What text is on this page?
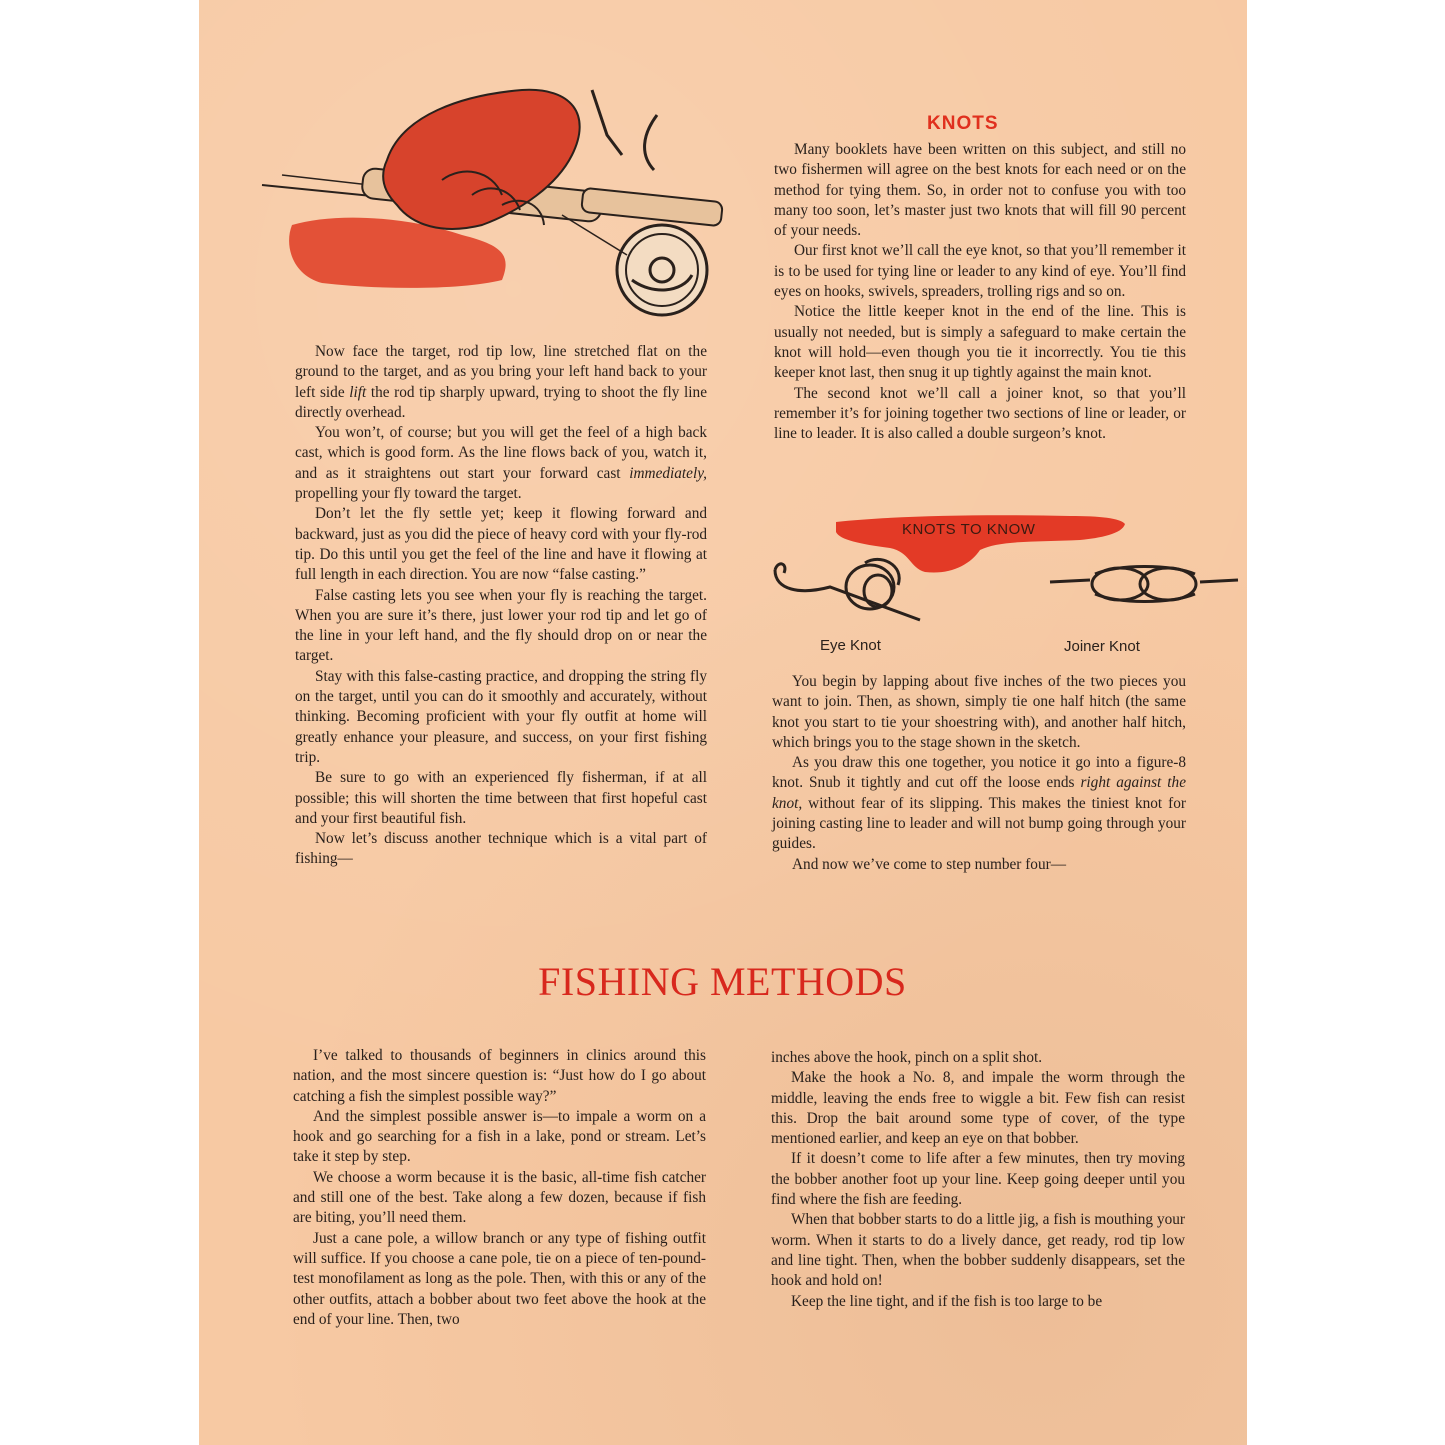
Now face the target, rod tip low, line stretched flat on the ground to the target, and as you bring your left hand back to your left side lift the rod tip sharply upward, trying to shoot the fly line directly overhead.

You won’t, of course; but you will get the feel of a high back cast, which is good form. As the line flows back of you, watch it, and as it straightens out start your forward cast immediately, propelling your fly toward the target.

Don’t let the fly settle yet; keep it flowing forward and backward, just as you did the piece of heavy cord with your fly-rod tip. Do this until you get the feel of the line and have it flowing at full length in each direction. You are now “false casting.”

False casting lets you see when your fly is reaching the target. When you are sure it’s there, just lower your rod tip and let go of the line in your left hand, and the fly should drop on or near the target.

Stay with this false-casting practice, and dropping the string fly on the target, until you can do it smoothly and accurately, without thinking. Becoming proficient with your fly outfit at home will greatly enhance your pleasure, and success, on your first fishing trip.

Be sure to go with an experienced fly fisherman, if at all possible; this will shorten the time between that first hopeful cast and your first beautiful fish.

Now let’s discuss another technique which is a vital part of fishing—

KNOTS

Many booklets have been written on this subject, and still no two fishermen will agree on the best knots for each need or on the method for tying them. So, in order not to confuse you with too many too soon, let’s master just two knots that will fill 90 percent of your needs.

Our first knot we’ll call the eye knot, so that you’ll remember it is to be used for tying line or leader to any kind of eye. You’ll find eyes on hooks, swivels, spreaders, trolling rigs and so on.

Notice the little keeper knot in the end of the line. This is usually not needed, but is simply a safeguard to make certain the knot will hold—even though you tie it incorrectly. You tie this keeper knot last, then snug it up tightly against the main knot.

The second knot we’ll call a joiner knot, so that you’ll remember it’s for joining together two sections of line or leader, or line to leader. It is also called a double surgeon’s knot.

KNOTS TO KNOW
Eye Knot	Joiner Knot

You begin by lapping about five inches of the two pieces you want to join. Then, as shown, simply tie one half hitch (the same knot you start to tie your shoestring with), and another half hitch, which brings you to the stage shown in the sketch.

As you draw this one together, you notice it go into a figure-8 knot. Snub it tightly and cut off the loose ends right against the knot, without fear of its slipping. This makes the tiniest knot for joining casting line to leader and will not bump going through your guides.

And now we’ve come to step number four—

FISHING METHODS

I’ve talked to thousands of beginners in clinics around this nation, and the most sincere question is: “Just how do I go about catching a fish the simplest possible way?”

And the simplest possible answer is—to impale a worm on a hook and go searching for a fish in a lake, pond or stream. Let’s take it step by step.

We choose a worm because it is the basic, all-time fish catcher and still one of the best. Take along a few dozen, because if fish are biting, you’ll need them.

Just a cane pole, a willow branch or any type of fishing outfit will suffice. If you choose a cane pole, tie on a piece of ten-pound-test monofilament as long as the pole. Then, with this or any of the other outfits, attach a bobber about two feet above the hook at the end of your line. Then, two

inches above the hook, pinch on a split shot.

Make the hook a No. 8, and impale the worm through the middle, leaving the ends free to wiggle a bit. Few fish can resist this. Drop the bait around some type of cover, of the type mentioned earlier, and keep an eye on that bobber.

If it doesn’t come to life after a few minutes, then try moving the bobber another foot up your line. Keep going deeper until you find where the fish are feeding.

When that bobber starts to do a little jig, a fish is mouthing your worm. When it starts to do a lively dance, get ready, rod tip low and line tight. Then, when the bobber suddenly disappears, set the hook and hold on!

Keep the line tight, and if the fish is too large to be
